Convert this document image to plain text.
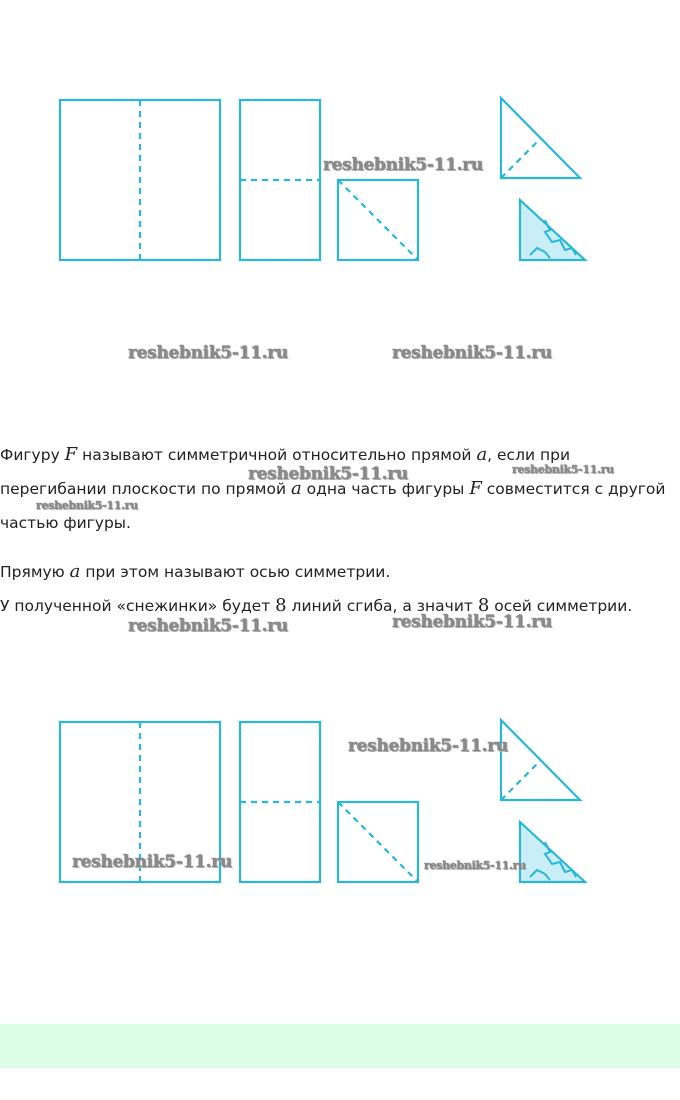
Фигуру F называют симметричной относительно прямой a, если при перегибании плоскости по прямой a одна часть фигуры F совместится с другой частью фигуры.

Прямую a при этом называют осью симметрии.

У полученной «снежинки» будет 8 линий сгиба, а значит 8 осей симметрии.

reshebnik5-11.ru
reshebnik5-11.ru	reshebnik5-11.ru
reshebnik5-11.ru	reshebnik5-11.ru
reshebnik5-11.ru
reshebnik5-11.ru	reshebnik5-11.ru
reshebnik5-11.ru
reshebnik5-11.ru	reshebnik5-11.ru
